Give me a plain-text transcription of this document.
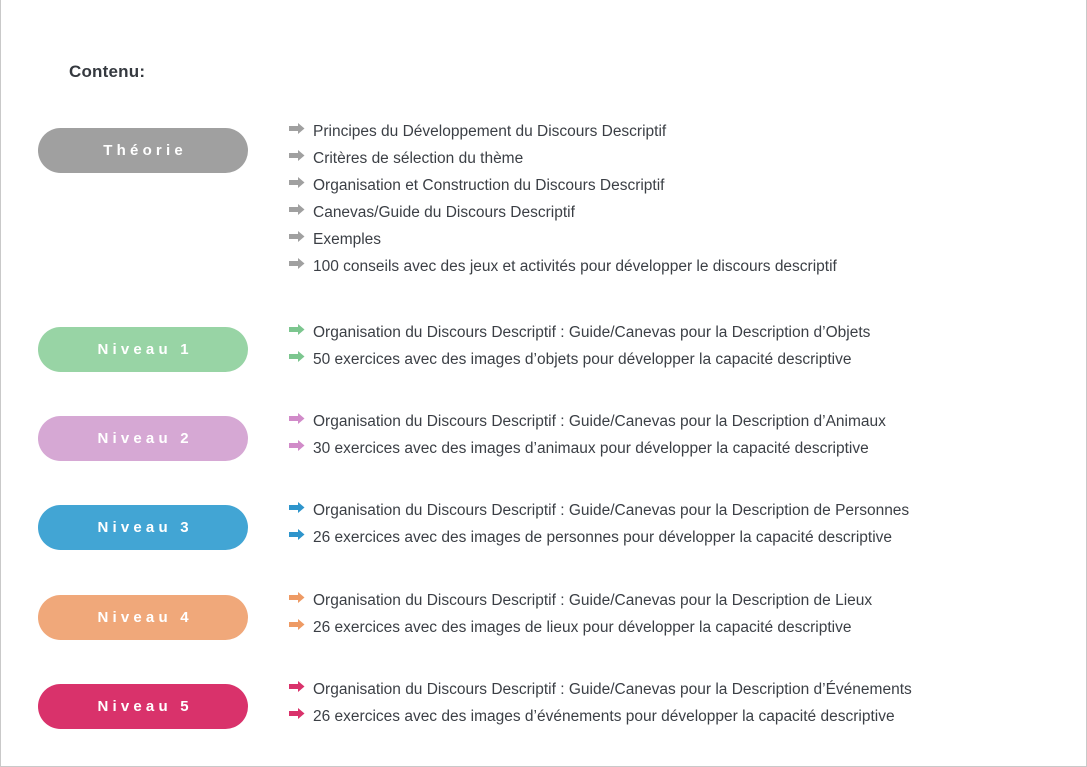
Contenu:
Théorie
Principes du Développement du Discours Descriptif
Critères de sélection du thème
Organisation et Construction du Discours Descriptif
Canevas/Guide du Discours Descriptif
Exemples
100 conseils avec des jeux et activités pour développer le discours descriptif
Niveau 1
Organisation du Discours Descriptif : Guide/Canevas pour la Description d’Objets
50 exercices avec des images d’objets pour développer la capacité descriptive
Niveau 2
Organisation du Discours Descriptif : Guide/Canevas pour la Description d’Animaux
30 exercices avec des images d’animaux pour développer la capacité descriptive
Niveau 3
Organisation du Discours Descriptif : Guide/Canevas pour la Description de Personnes
26 exercices avec des images de personnes pour développer la capacité descriptive
Niveau 4
Organisation du Discours Descriptif : Guide/Canevas pour la Description de Lieux
26 exercices avec des images de lieux pour développer la capacité descriptive
Niveau 5
Organisation du Discours Descriptif : Guide/Canevas pour la Description d’Événements
26 exercices avec des images d’événements pour développer la capacité descriptive
